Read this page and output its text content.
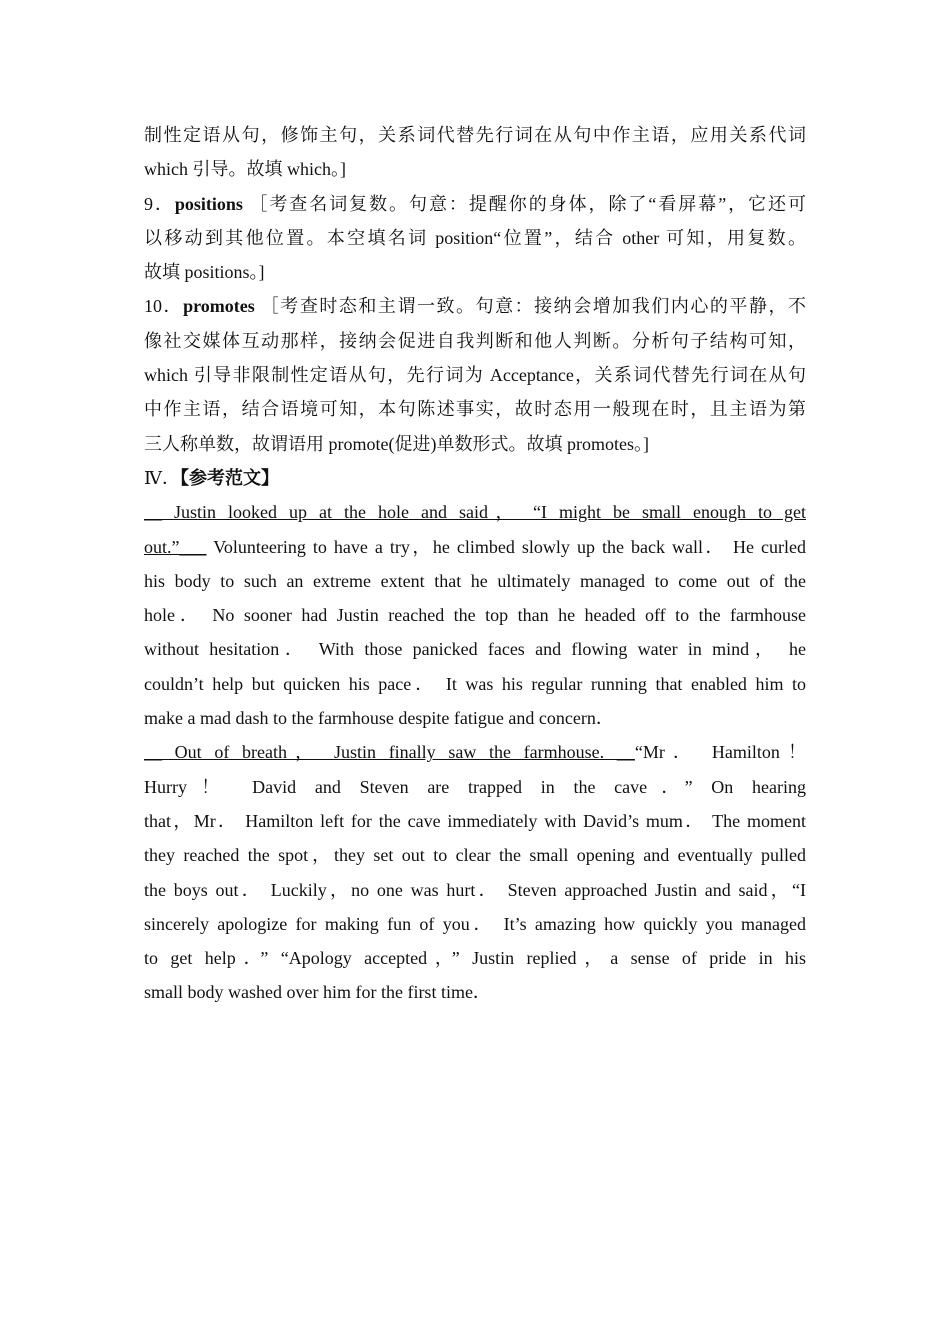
制性定语从句，修饰主句，关系词代替先行词在从句中作主语，应用关系代词
which 引导。故填 which。]
9．positions ［考查名词复数。句意：提醒你的身体，除了“看屏幕”，它还可
以移动到其他位置。本空填名词 position“位置”，结合 other 可知，用复数。
故填 positions。]
10．promotes ［考查时态和主谓一致。句意：接纳会增加我们内心的平静，不
像社交媒体互动那样，接纳会促进自我判断和他人判断。分析句子结构可知，
which 引导非限制性定语从句，先行词为 Acceptance，关系词代替先行词在从句
中作主语，结合语境可知，本句陈述事实，故时态用一般现在时，且主语为第
三人称单数，故谓语用 promote(促进)单数形式。故填 promotes。]
Ⅳ．【参考范文】
__ Justin looked up at the hole and said， “I might be small enough to get
out.”___ Volunteering to have a try，he climbed slowly up the back wall． He curled
his body to such an extreme extent that he ultimately managed to come out of the
hole． No sooner had Justin reached the top than he headed off to the farmhouse
without hesitation． With those panicked faces and flowing water in mind， he
couldn’t help but quicken his pace． It was his regular running that enabled him to
make a mad dash to the farmhouse despite fatigue and concern．
__ Out of breath， Justin finally saw the farmhouse. __“Mr． Hamilton！
Hurry！ David and Steven are trapped in the cave．” On hearing
that，Mr． Hamilton left for the cave immediately with David’s mum． The moment
they reached the spot，they set out to clear the small opening and eventually pulled
the boys out． Luckily，no one was hurt． Steven approached Justin and said，“I
sincerely apologize for making fun of you． It’s amazing how quickly you managed
to get help．” “Apology accepted，” Justin replied，a sense of pride in his
small body washed over him for the first time．
